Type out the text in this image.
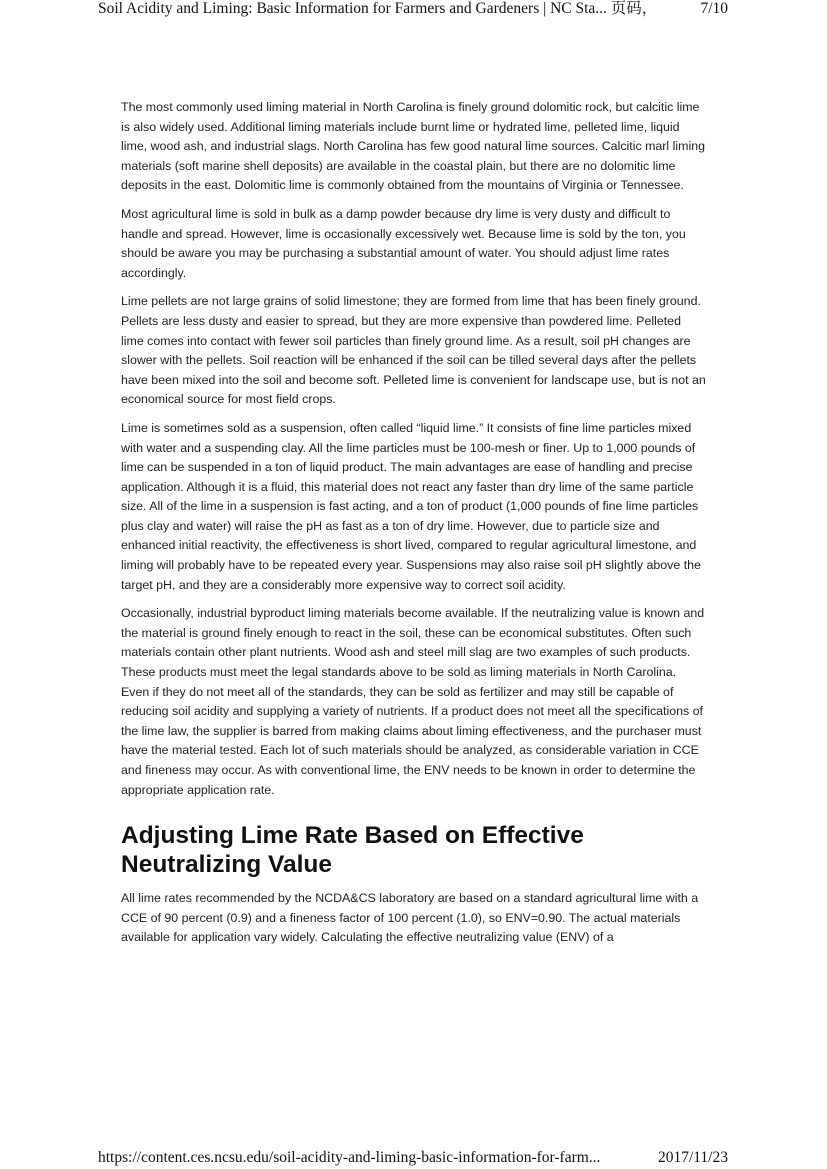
Soil Acidity and Liming: Basic Information for Farmers and Gardeners | NC Sta... 页码，	7/10

The most commonly used liming material in North Carolina is finely ground dolomitic rock, but calcitic lime is also widely used. Additional liming materials include burnt lime or hydrated lime, pelleted lime, liquid lime, wood ash, and industrial slags. North Carolina has few good natural lime sources. Calcitic marl liming materials (soft marine shell deposits) are available in the coastal plain, but there are no dolomitic lime deposits in the east. Dolomitic lime is commonly obtained from the mountains of Virginia or Tennessee.

Most agricultural lime is sold in bulk as a damp powder because dry lime is very dusty and difficult to handle and spread. However, lime is occasionally excessively wet. Because lime is sold by the ton, you should be aware you may be purchasing a substantial amount of water. You should adjust lime rates accordingly.

Lime pellets are not large grains of solid limestone; they are formed from lime that has been finely ground. Pellets are less dusty and easier to spread, but they are more expensive than powdered lime. Pelleted lime comes into contact with fewer soil particles than finely ground lime. As a result, soil pH changes are slower with the pellets. Soil reaction will be enhanced if the soil can be tilled several days after the pellets have been mixed into the soil and become soft. Pelleted lime is convenient for landscape use, but is not an economical source for most field crops.

Lime is sometimes sold as a suspension, often called “liquid lime.” It consists of fine lime particles mixed with water and a suspending clay. All the lime particles must be 100-mesh or finer. Up to 1,000 pounds of lime can be suspended in a ton of liquid product. The main advantages are ease of handling and precise application. Although it is a fluid, this material does not react any faster than dry lime of the same particle size. All of the lime in a suspension is fast acting, and a ton of product (1,000 pounds of fine lime particles plus clay and water) will raise the pH as fast as a ton of dry lime. However, due to particle size and enhanced initial reactivity, the effectiveness is short lived, compared to regular agricultural limestone, and liming will probably have to be repeated every year. Suspensions may also raise soil pH slightly above the target pH, and they are a considerably more expensive way to correct soil acidity.

Occasionally, industrial byproduct liming materials become available. If the neutralizing value is known and the material is ground finely enough to react in the soil, these can be economical substitutes. Often such materials contain other plant nutrients. Wood ash and steel mill slag are two examples of such products. These products must meet the legal standards above to be sold as liming materials in North Carolina. Even if they do not meet all of the standards, they can be sold as fertilizer and may still be capable of reducing soil acidity and supplying a variety of nutrients. If a product does not meet all the specifications of the lime law, the supplier is barred from making claims about liming effectiveness, and the purchaser must have the material tested. Each lot of such materials should be analyzed, as considerable variation in CCE and fineness may occur. As with conventional lime, the ENV needs to be known in order to determine the appropriate application rate.

Adjusting Lime Rate Based on Effective Neutralizing Value

All lime rates recommended by the NCDA&CS laboratory are based on a standard agricultural lime with a CCE of 90 percent (0.9) and a fineness factor of 100 percent (1.0), so ENV=0.90. The actual materials available for application vary widely. Calculating the effective neutralizing value (ENV) of a

https://content.ces.ncsu.edu/soil-acidity-and-liming-basic-information-for-farm...	2017/11/23
